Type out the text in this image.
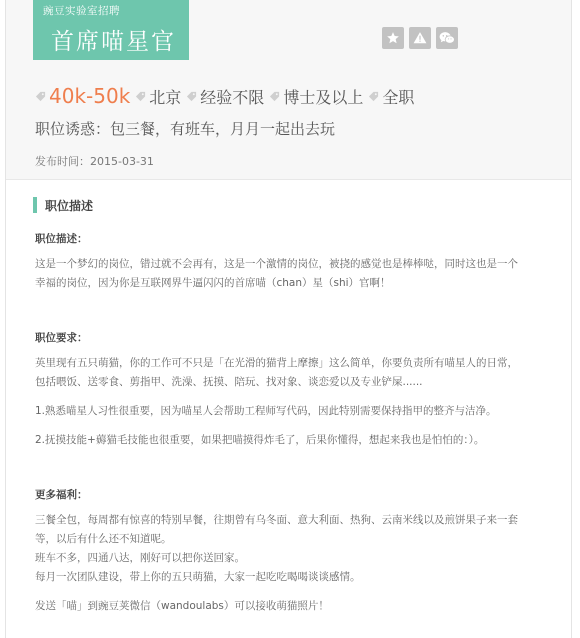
豌豆实验室招聘
首席喵星官
40k-50k 北京 经验不限 博士及以上 全职
职位诱惑：包三餐，有班车，月月一起出去玩
发布时间：2015-03-31
职位描述
职位描述：
这是一个梦幻的岗位，错过就不会再有，这是一个激情的岗位，被挠的感觉也是棒棒哒，同时这也是一个幸福的岗位，因为你是互联网界牛逼闪闪的首席喵（chan）星（shi）官啊！
职位要求：
英里现有五只萌猫，你的工作可不只是「在光滑的猫背上摩擦」这么简单，你要负责所有喵星人的日常，包括喂饭、送零食、剪指甲、洗澡、抚摸、陪玩、找对象、谈恋爱以及专业铲屎......
1.熟悉喵星人习性很重要，因为喵星人会帮助工程师写代码，因此特别需要保持指甲的整齐与洁净。
2.抚摸技能+薅猫毛技能也很重要，如果把喵摸得炸毛了，后果你懂得，想起来我也是怕怕的：）。
更多福利：
三餐全包，每周都有惊喜的特别早餐，往期曾有乌冬面、意大利面、热狗、云南米线以及煎饼果子来一套等，以后有什么还不知道呢。
班车不多，四通八达，刚好可以把你送回家。
每月一次团队建设，带上你的五只萌猫，大家一起吃吃喝喝谈谈感情。
发送「喵」到豌豆荚微信（wandoulabs）可以接收萌猫照片！
